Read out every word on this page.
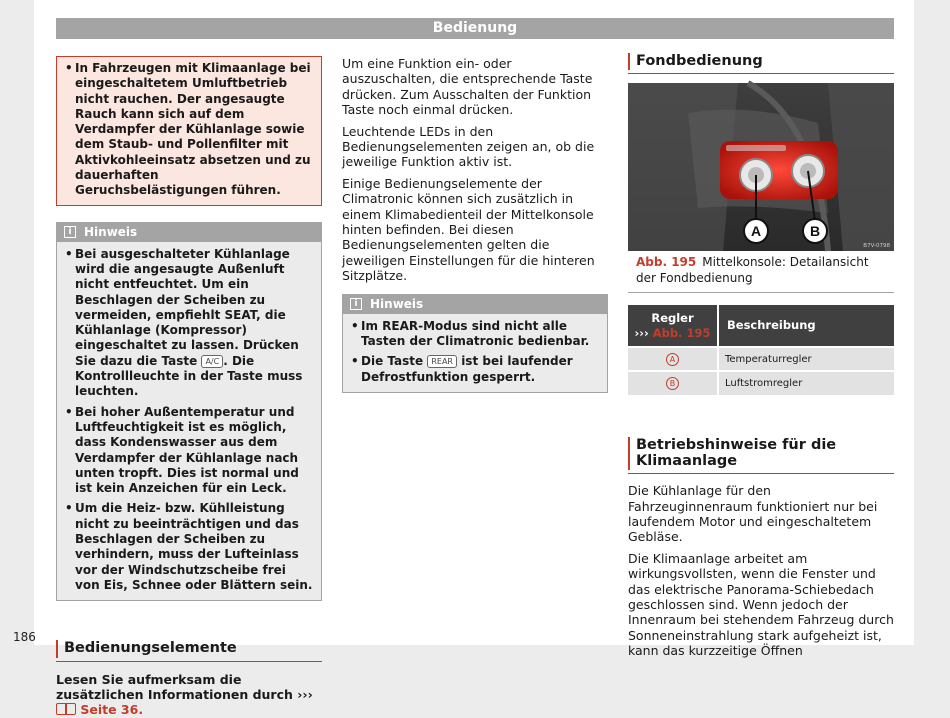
186
Bedienung
• In Fahrzeugen mit Klimaanlage bei eingeschaltetem Umluftbetrieb nicht rauchen. Der angesaugte Rauch kann sich auf dem Verdampfer der Kühlanlage sowie dem Staub- und Pollenfilter mit Aktivkohleeinsatz absetzen und zu dauerhaften Geruchsbelästigungen führen.
i	Hinweis
• Bei ausgeschalteter Kühlanlage wird die angesaugte Außenluft nicht entfeuchtet. Um ein Beschlagen der Scheiben zu vermeiden, empfiehlt SEAT, die Kühlanlage (Kompressor) eingeschaltet zu lassen. Drücken Sie dazu die Taste A/C . Die Kontrollleuchte in der Taste muss leuchten.
• Bei hoher Außentemperatur und Luftfeuchtigkeit ist es möglich, dass Kondenswasser aus dem Verdampfer der Kühlanlage nach unten tropft. Dies ist normal und ist kein Anzeichen für ein Leck.
• Um die Heiz- bzw. Kühlleistung nicht zu beeinträchtigen und das Beschlagen der Scheiben zu verhindern, muss der Lufteinlass vor der Windschutzscheibe frei von Eis, Schnee oder Blättern sein.
Bedienungselemente
Lesen Sie aufmerksam die zusätzlichen Informationen durch ›››  Seite 36.

Um eine Funktion ein- oder auszuschalten, die entsprechende Taste drücken. Zum Ausschalten der Funktion Taste noch einmal drücken.

Leuchtende LEDs in den Bedienungselementen zeigen an, ob die jeweilige Funktion aktiv ist.

Einige Bedienungselemente der Climatronic können sich zusätzlich in einem Klimabedienteil der Mittelkonsole hinten befinden. Bei diesen Bedienungselementen gelten die jeweiligen Einstellungen für die hinteren Sitzplätze.

i	Hinweis
• Im REAR-Modus sind nicht alle Tasten der Climatronic bedienbar.
• Die Taste REAR ist bei laufender Defrostfunktion gesperrt.
Fondbedienung
A	B
B7V-0798
Abb. 195 Mittelkonsole: Detailansicht der Fondbedienung
Regler
››› Abb. 195	Beschreibung
A	Temperaturregler
B	Luftstromregler
Betriebshinweise für die Klimaanlage

Die Kühlanlage für den Fahrzeuginnenraum funktioniert nur bei laufendem Motor und eingeschaltetem Gebläse.

Die Klimaanlage arbeitet am wirkungsvollsten, wenn die Fenster und das elektrische Panorama-Schiebedach geschlossen sind. Wenn jedoch der Innenraum bei stehendem Fahrzeug durch Sonneneinstrahlung stark aufgeheizt ist, kann das kurzzeitige Öffnen
